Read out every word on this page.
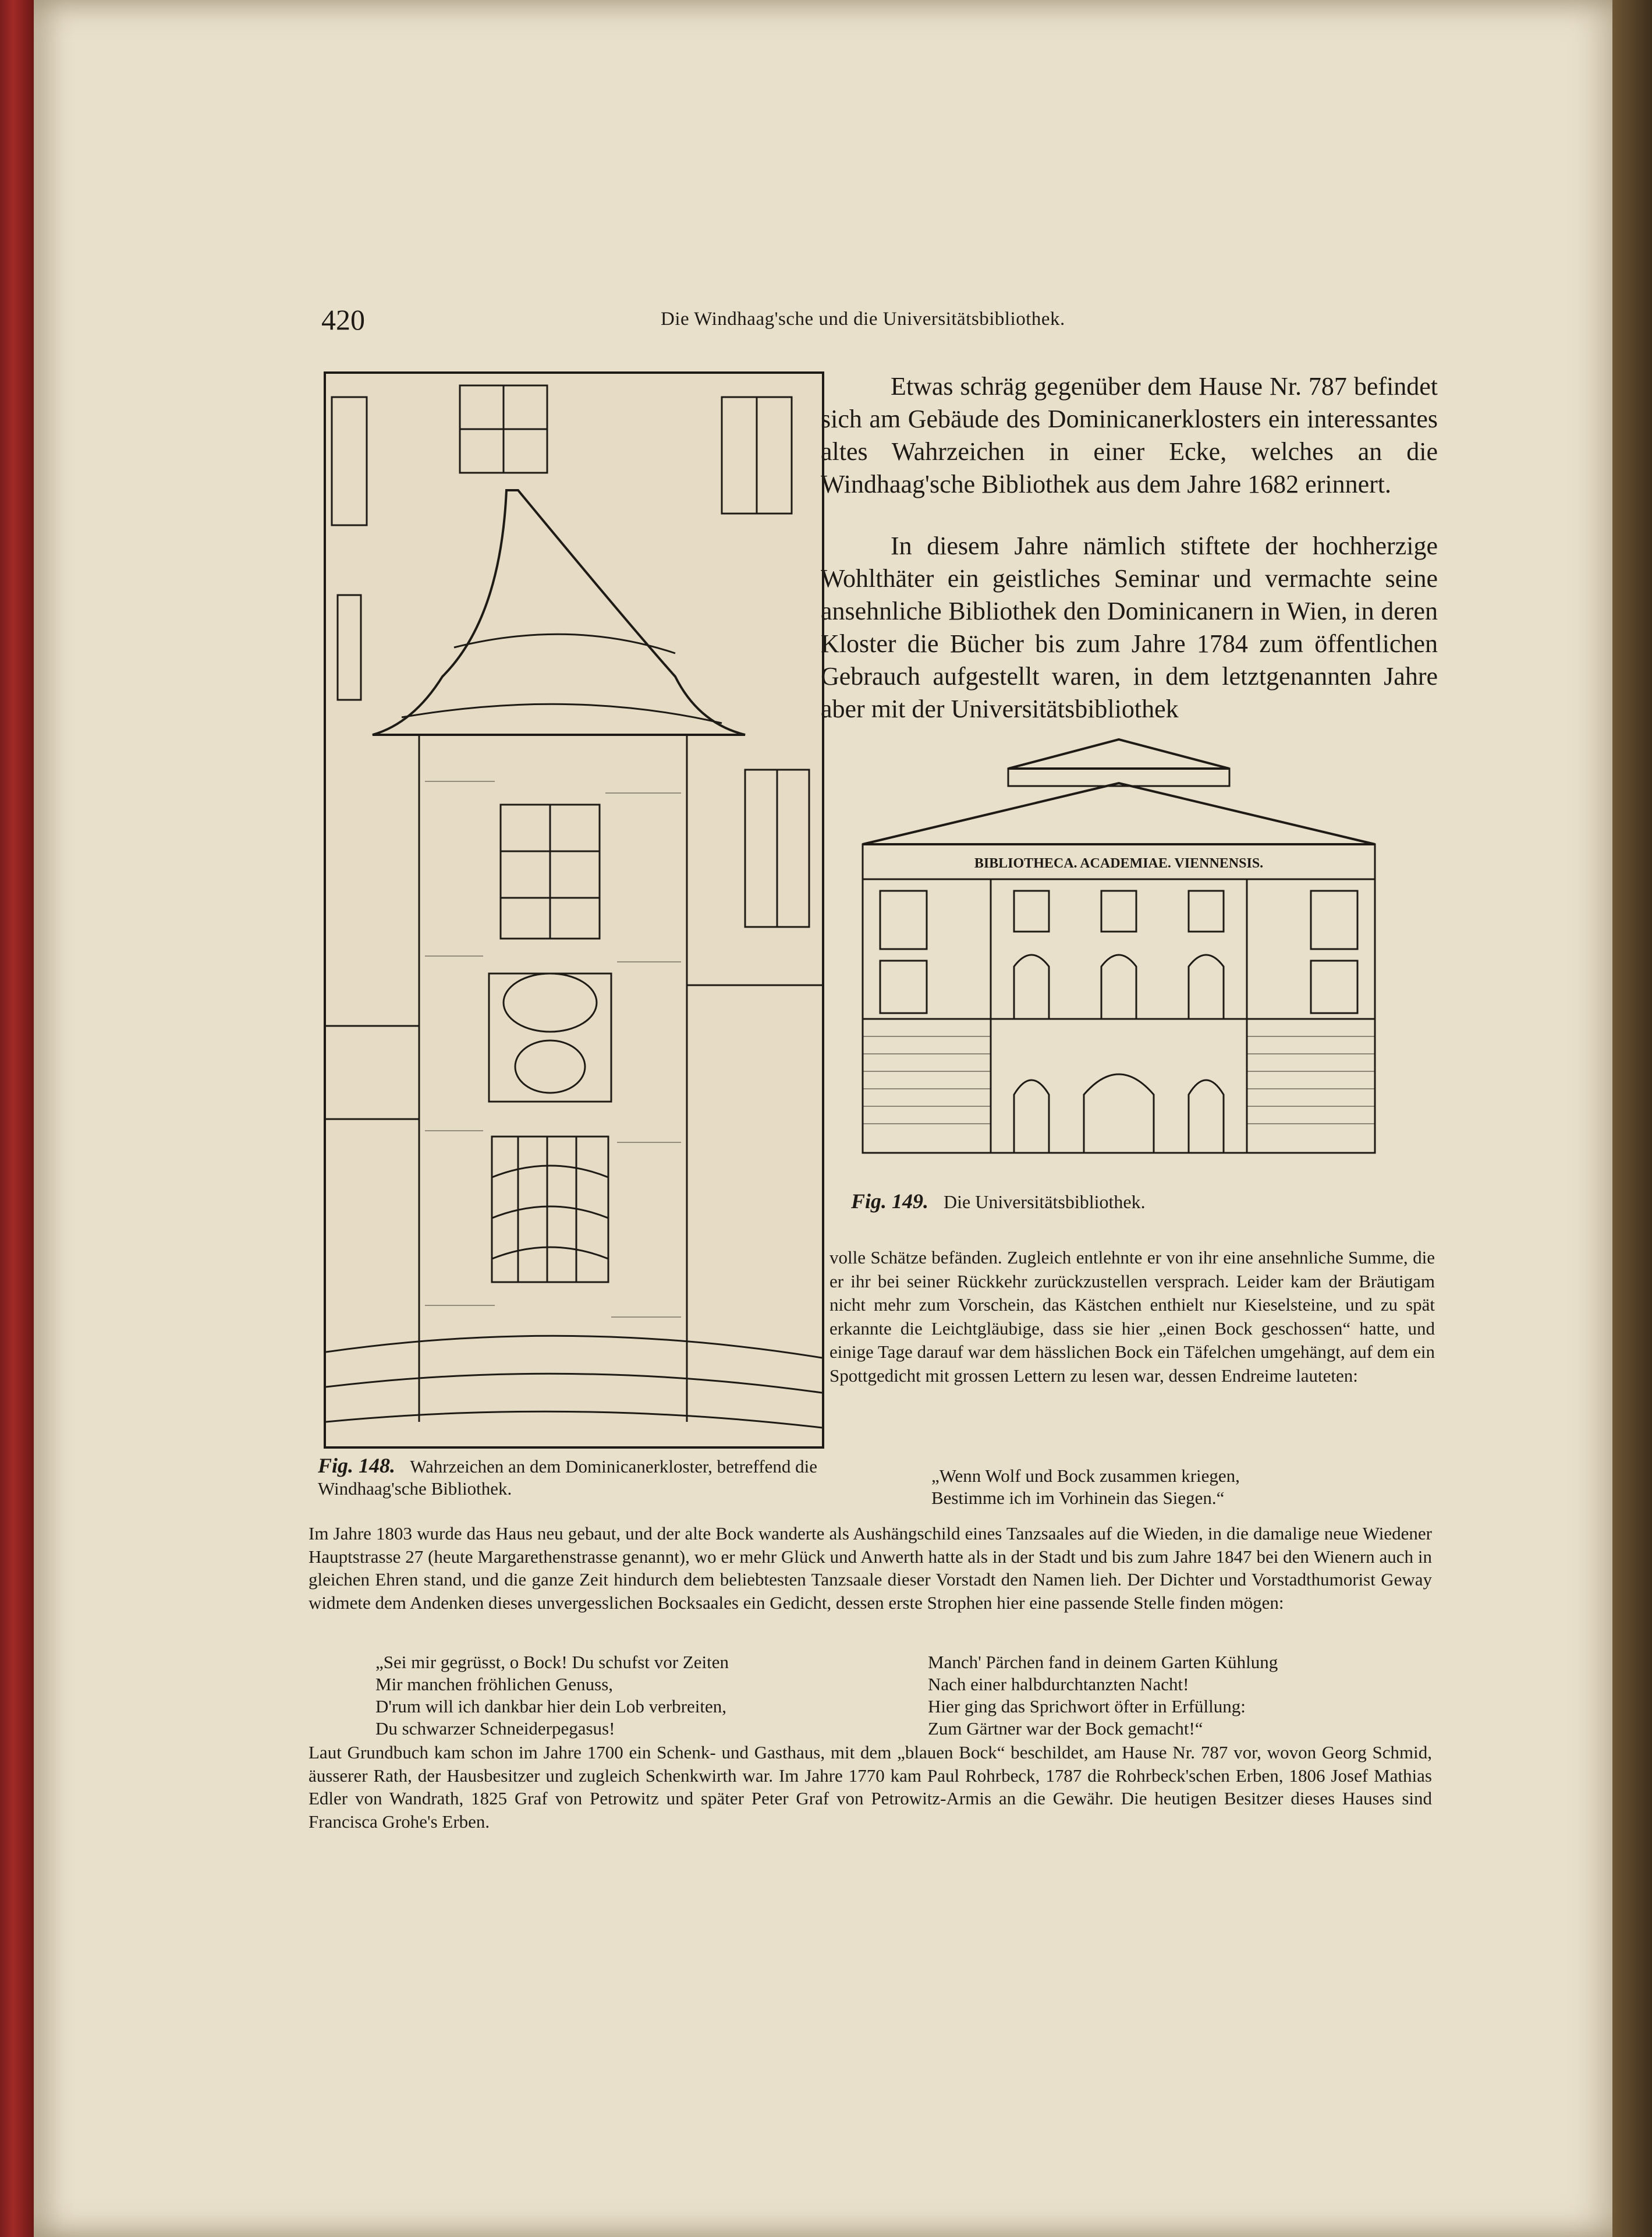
420	Die Windhaag'sche und die Universitätsbibliothek.
BIBLIOTHECA. ACADEMIAE. VIENNENSIS.
Fig. 149. Die Universitätsbibliothek.
Fig. 148. Wahrzeichen an dem Dominicanerkloster, betreffend die Windhaag'sche Bibliothek.
Etwas schräg gegenüber dem Hause Nr. 787 befindet sich am Gebäude des Dominicanerklosters ein interessantes altes Wahrzeichen in einer Ecke, welches an die Windhaag'sche Bibliothek aus dem Jahre 1682 erinnert.
In diesem Jahre nämlich stiftete der hochherzige Wohlthäter ein geistliches Seminar und vermachte seine ansehnliche Bibliothek den Dominicanern in Wien, in deren Kloster die Bücher bis zum Jahre 1784 zum öffentlichen Gebrauch aufgestellt waren, in dem letztgenannten Jahre aber mit der Universitätsbibliothek
volle Schätze befänden. Zugleich entlehnte er von ihr eine ansehnliche Summe, die er ihr bei seiner Rückkehr zurückzustellen versprach. Leider kam der Bräutigam nicht mehr zum Vorschein, das Kästchen enthielt nur Kieselsteine, und zu spät erkannte die Leichtgläubige, dass sie hier „einen Bock geschossen“ hatte, und einige Tage darauf war dem hässlichen Bock ein Täfelchen umgehängt, auf dem ein Spottgedicht mit grossen Lettern zu lesen war, dessen Endreime lauteten:
„Wenn Wolf und Bock zusammen kriegen,
Bestimme ich im Vorhinein das Siegen.“
Im Jahre 1803 wurde das Haus neu gebaut, und der alte Bock wanderte als Aushängschild eines Tanzsaales auf die Wieden, in die damalige neue Wiedener Hauptstrasse 27 (heute Margarethenstrasse genannt), wo er mehr Glück und Anwerth hatte als in der Stadt und bis zum Jahre 1847 bei den Wienern auch in gleichen Ehren stand, und die ganze Zeit hindurch dem beliebtesten Tanzsaale dieser Vorstadt den Namen lieh. Der Dichter und Vorstadthumorist Geway widmete dem Andenken dieses unvergesslichen Bocksaales ein Gedicht, dessen erste Strophen hier eine passende Stelle finden mögen:
„Sei mir gegrüsst, o Bock! Du schufst vor Zeiten
Mir manchen fröhlichen Genuss,
D'rum will ich dankbar hier dein Lob verbreiten,
Du schwarzer Schneiderpegasus!
Manch' Pärchen fand in deinem Garten Kühlung
Nach einer halbdurchtanzten Nacht!
Hier ging das Sprichwort öfter in Erfüllung:
Zum Gärtner war der Bock gemacht!“
Laut Grundbuch kam schon im Jahre 1700 ein Schenk- und Gasthaus, mit dem „blauen Bock“ beschildet, am Hause Nr. 787 vor, wovon Georg Schmid, äusserer Rath, der Hausbesitzer und zugleich Schenkwirth war. Im Jahre 1770 kam Paul Rohrbeck, 1787 die Rohrbeck'schen Erben, 1806 Josef Mathias Edler von Wandrath, 1825 Graf von Petrowitz und später Peter Graf von Petrowitz-Armis an die Gewähr. Die heutigen Besitzer dieses Hauses sind Francisca Grohe's Erben.
